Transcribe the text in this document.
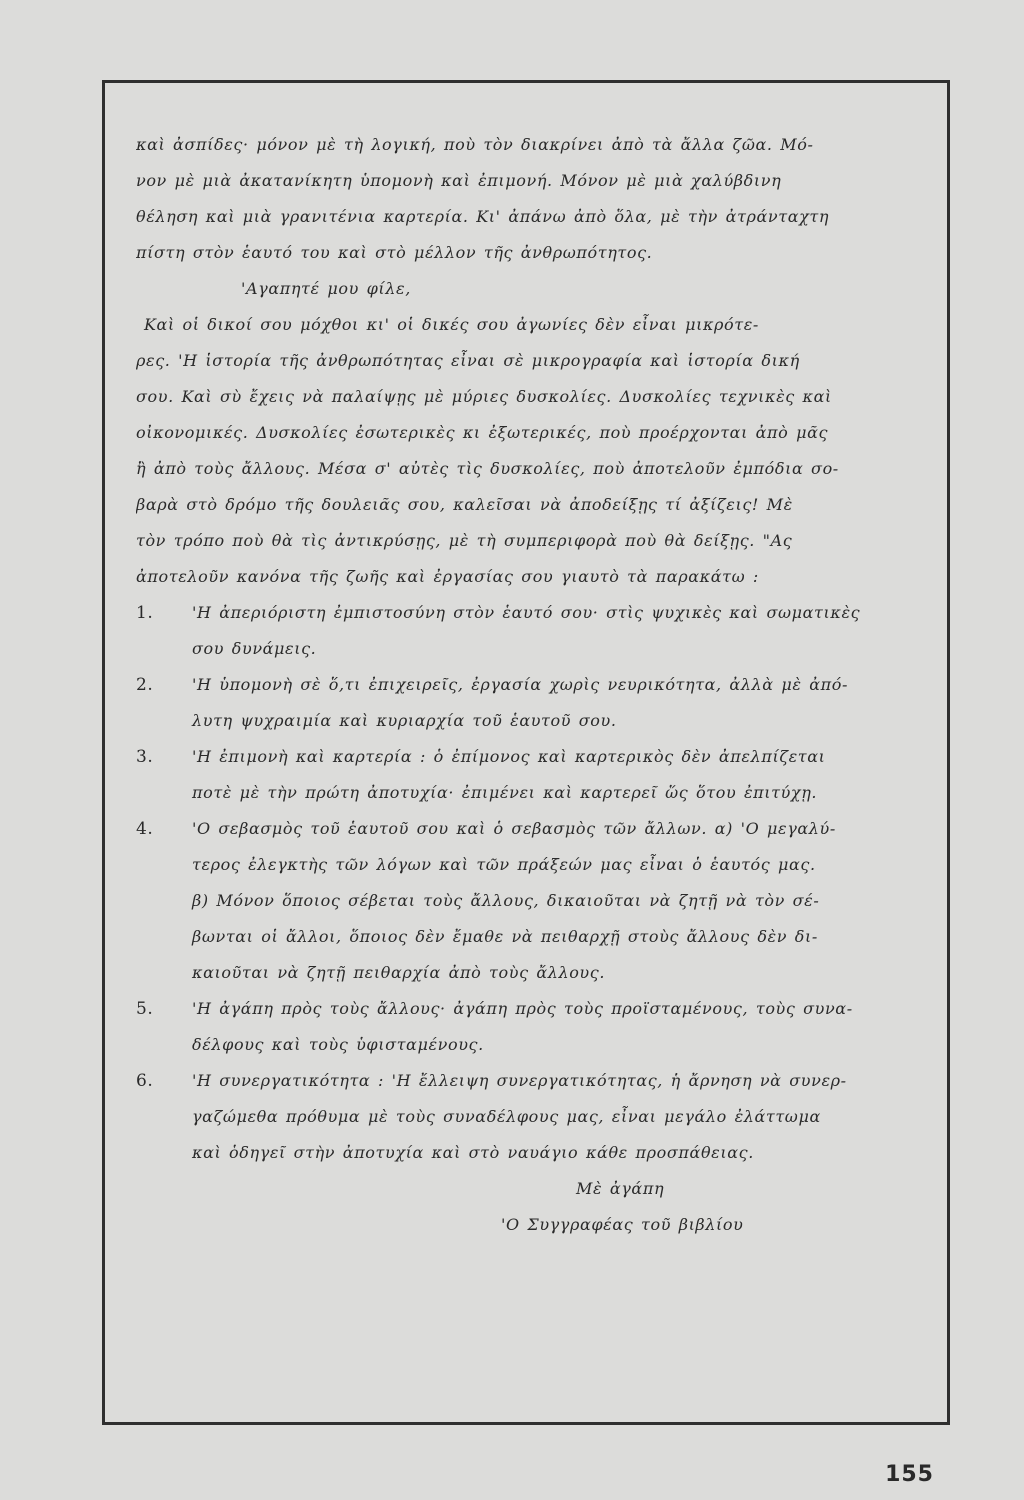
καὶ ἀσπίδες· μόνον μὲ τὴ λογική, ποὺ τὸν διακρίνει ἀπὸ τὰ ἄλλα ζῶα. Μό-
νον μὲ μιὰ ἀκατανίκητη ὑπομονὴ καὶ ἐπιμονή. Μόνον μὲ μιὰ χαλύβδινη
θέληση καὶ μιὰ γρανιτένια καρτερία. Κι' ἀπάνω ἀπὸ ὅλα, μὲ τὴν ἀτράνταχτη
πίστη στὸν ἑαυτό του καὶ στὸ μέλλον τῆς ἀνθρωπότητος.
'Αγαπητέ μου φίλε,
Καὶ οἱ δικοί σου μόχθοι κι' οἱ δικές σου ἀγωνίες δὲν εἶναι μικρότε-
ρες. 'Η ἱστορία τῆς ἀνθρωπότητας εἶναι σὲ μικρογραφία καὶ ἱστορία δική
σου. Καὶ σὺ ἔχεις νὰ παλαίψῃς μὲ μύριες δυσκολίες. Δυσκολίες τεχνικὲς καὶ
οἰκονομικές. Δυσκολίες ἐσωτερικὲς κι ἐξωτερικές, ποὺ προέρχονται ἀπὸ μᾶς
ἢ ἀπὸ τοὺς ἄλλους. Μέσα σ' αὐτὲς τὶς δυσκολίες, ποὺ ἀποτελοῦν ἐμπόδια σο-
βαρὰ στὸ δρόμο τῆς δουλειᾶς σου, καλεῖσαι νὰ ἀποδείξῃς τί ἀξίζεις! Μὲ
τὸν τρόπο ποὺ θὰ τὶς ἀντικρύσῃς, μὲ τὴ συμπεριφορὰ ποὺ θὰ δείξῃς. "Ας
ἀποτελοῦν κανόνα τῆς ζωῆς καὶ ἐργασίας σου γιαυτὸ τὰ παρακάτω :
1. 'Η ἀπεριόριστη ἐμπιστοσύνη στὸν ἑαυτό σου· στὶς ψυχικὲς καὶ σωματικὲς
σου δυνάμεις.
2. 'Η ὑπομονὴ σὲ ὅ,τι ἐπιχειρεῖς, ἐργασία χωρὶς νευρικότητα, ἀλλὰ μὲ ἀπό-
λυτη ψυχραιμία καὶ κυριαρχία τοῦ ἑαυτοῦ σου.
3. 'Η ἐπιμονὴ καὶ καρτερία : ὁ ἐπίμονος καὶ καρτερικὸς δὲν ἀπελπίζεται
ποτὲ μὲ τὴν πρώτη ἀποτυχία· ἐπιμένει καὶ καρτερεῖ ὥς ὅτου ἐπιτύχῃ.
4. 'Ο σεβασμὸς τοῦ ἑαυτοῦ σου καὶ ὁ σεβασμὸς τῶν ἄλλων. α) 'Ο μεγαλύ-
τερος ἐλεγκτὴς τῶν λόγων καὶ τῶν πράξεών μας εἶναι ὁ ἑαυτός μας.
β) Μόνον ὅποιος σέβεται τοὺς ἄλλους, δικαιοῦται νὰ ζητῇ νὰ τὸν σέ-
βωνται οἱ ἄλλοι, ὅποιος δὲν ἔμαθε νὰ πειθαρχῇ στοὺς ἄλλους δὲν δι-
καιοῦται νὰ ζητῇ πειθαρχία ἀπὸ τοὺς ἄλλους.
5. 'Η ἀγάπη πρὸς τοὺς ἄλλους· ἀγάπη πρὸς τοὺς προϊσταμένους, τοὺς συνα-
δέλφους καὶ τοὺς ὑφισταμένους.
6. 'Η συνεργατικότητα : 'Η ἔλλειψη συνεργατικότητας, ἡ ἄρνηση νὰ συνερ-
γαζώμεθα πρόθυμα μὲ τοὺς συναδέλφους μας, εἶναι μεγάλο ἐλάττωμα
καὶ ὁδηγεῖ στὴν ἀποτυχία καὶ στὸ ναυάγιο κάθε προσπάθειας.
Μὲ ἀγάπη
'Ο Συγγραφέας τοῦ βιβλίου
155
